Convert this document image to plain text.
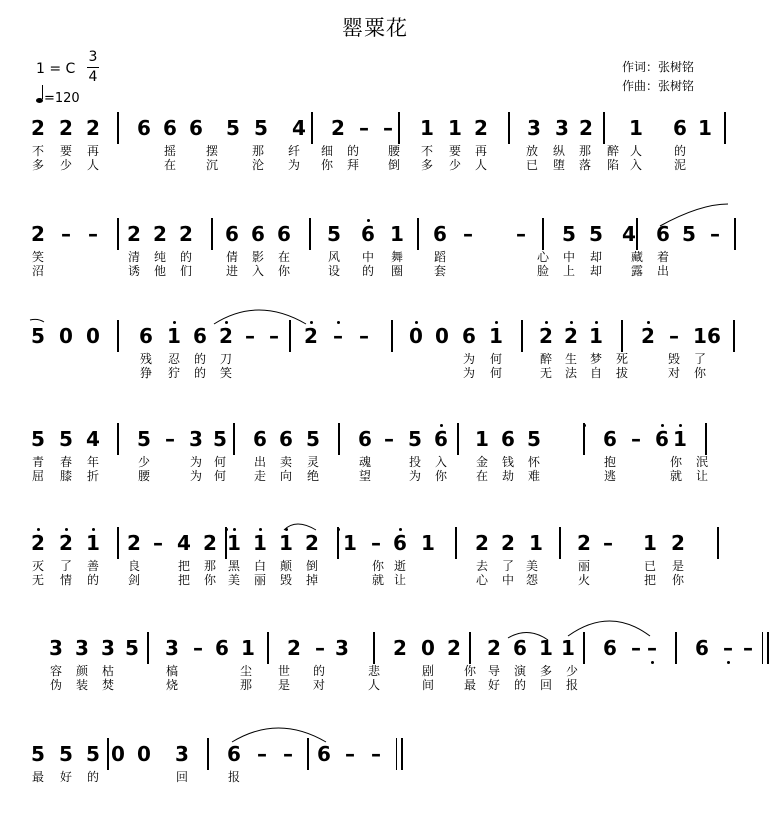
罂粟花
1 = C
3
4
=120
作词：张树铭
作曲：张树铭
2 2 2 6 6 6 5 5 4 2 – – 1 1 2 3 3 2 1 6 1
不 要 再	摇 摆	那 纤 细 的 腰 不 要 再	放 纵 那 醉 人	的
多 少 人	在 沉	沦 为 你 拜 倒 多 少 人	已 堕 落 陷 入	泥
2 – – 2 2 2 6 6 6 5 6 1 6 – – 5 5 4 6 5 –
笑	清 纯 的	倩 影 在	风 中 舞	蹈	心 中 却 藏 着
沼	诱 他 们	进 入 你	设 的 圈	套	脸 上 却 露 出
5 0 0 6 1 6 2 – – 2 – – 0 0 6 1 2 2 1 2 – 1 6
残 忍 的 刀	为 何	醉 生 梦 死	毁 了
狰 狞 的 笑	为 何	无 法 自 拔	对 你
5 5 4 5 – 3 5 6 6 5 6 – 5 6 1 6 5	6 – 6 1
青 春 年	少	为 何 出 卖 灵	魂	投 入 金 钱 怀	抱	你 泯
屈 膝 折	腰	为 何 走 向 绝	望	为 你 在 劫 难	逃	就 让
2 2 1 2 – 4 2 1 1 1 2 1 – 6 1 2 2 1 2 – 1 2
灭 了 善 良	把 那 黑 白 颠 倒	你 逝	去 了 美	丽	已 是
无 情 的 剑	把 你 美 丽 毁 掉	就 让	心 中 怨	火	把 你
3 3 3 5 3 – 6 1 2 – 3 2 0 2 2 6 1 1 6 – – 6 – –
容 颜 枯	槁	尘 世 的	悲	剧 你 导 演 多 少
伪 装 焚	烧	那 是 对	人	间 最 好 的 回 报
5 5 5 0 0 3 6 – – 6 – –
最 好 的	回	报
